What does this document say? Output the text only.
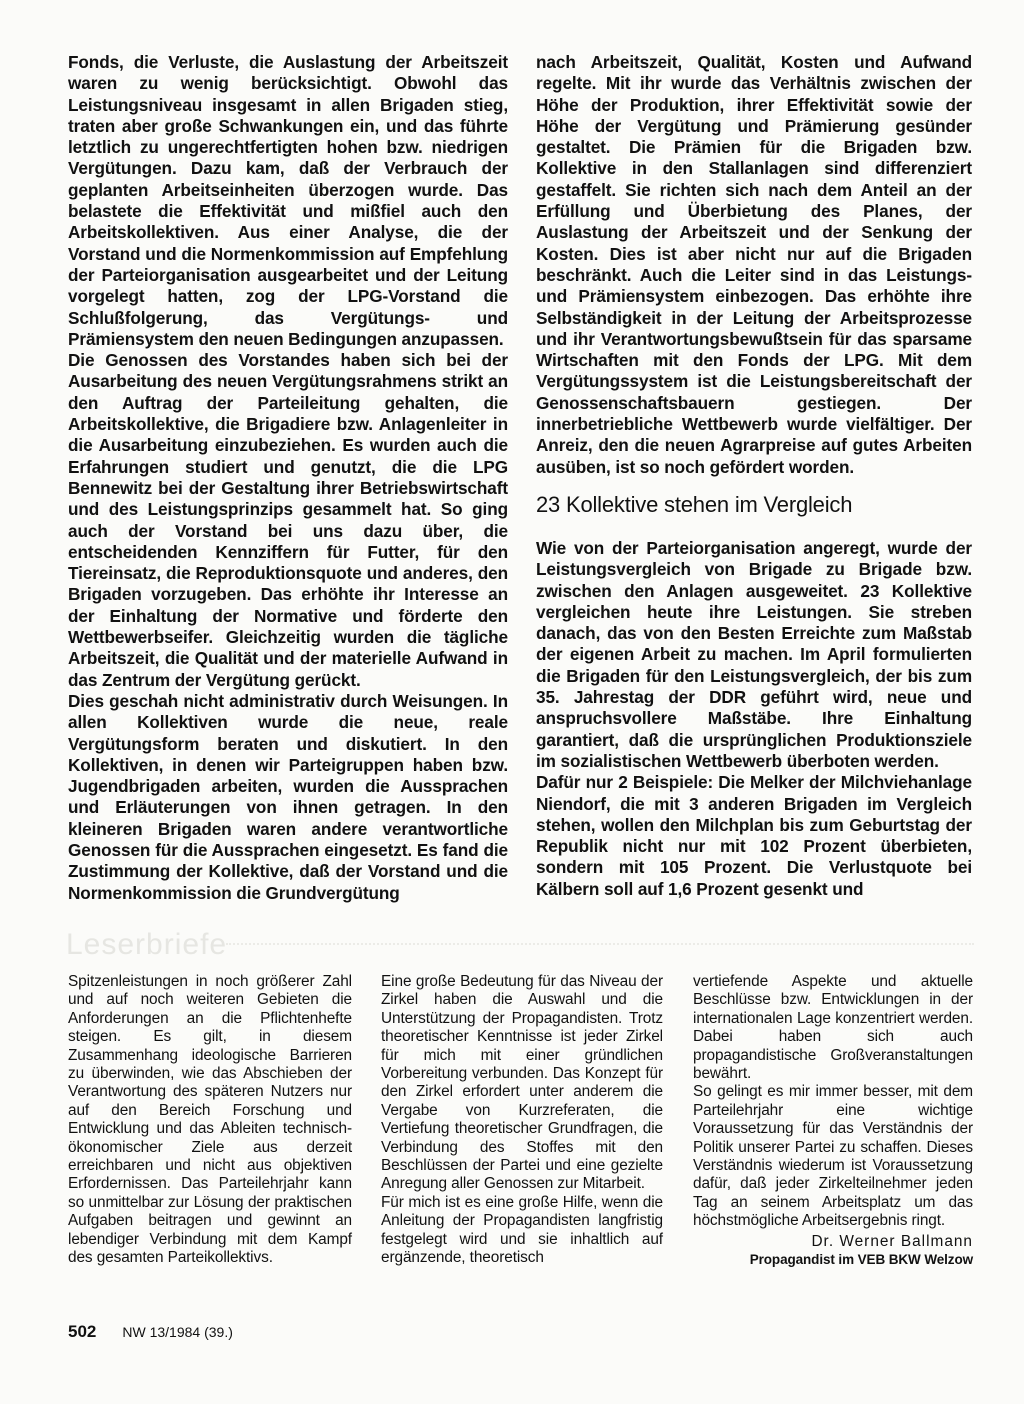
Fonds, die Verluste, die Auslastung der Arbeitszeit waren zu wenig berücksichtigt. Obwohl das Leistungsniveau insgesamt in allen Brigaden stieg, traten aber große Schwankungen ein, und das führte letztlich zu ungerechtfertigten hohen bzw. niedrigen Vergütungen. Dazu kam, daß der Verbrauch der geplanten Arbeitseinheiten überzogen wurde. Das belastete die Effektivität und mißfiel auch den Arbeitskollektiven. Aus einer Analyse, die der Vorstand und die Normenkommission auf Empfehlung der Parteiorganisation ausgearbeitet und der Leitung vorgelegt hatten, zog der LPG-Vorstand die Schlußfolgerung, das Vergütungs- und Prämiensystem den neuen Bedingungen anzupassen.

Die Genossen des Vorstandes haben sich bei der Ausarbeitung des neuen Vergütungsrahmens strikt an den Auftrag der Parteileitung gehalten, die Arbeitskollektive, die Brigadiere bzw. Anlagenleiter in die Ausarbeitung einzubeziehen. Es wurden auch die Erfahrungen studiert und genutzt, die die LPG Bennewitz bei der Gestaltung ihrer Betriebswirtschaft und des Leistungsprinzips gesammelt hat. So ging auch der Vorstand bei uns dazu über, die entscheidenden Kennziffern für Futter, für den Tiereinsatz, die Reproduktionsquote und anderes, den Brigaden vorzugeben. Das erhöhte ihr Interesse an der Einhaltung der Normative und förderte den Wettbewerbseifer. Gleichzeitig wurden die tägliche Arbeitszeit, die Qualität und der materielle Aufwand in das Zentrum der Vergütung gerückt.

Dies geschah nicht administrativ durch Weisungen. In allen Kollektiven wurde die neue, reale Vergütungsform beraten und diskutiert. In den Kollektiven, in denen wir Parteigruppen haben bzw. Jugendbrigaden arbeiten, wurden die Aussprachen und Erläuterungen von ihnen getragen. In den kleineren Brigaden waren andere verantwortliche Genossen für die Aussprachen eingesetzt. Es fand die Zustimmung der Kollektive, daß der Vorstand und die Normenkommission die Grundvergütung

nach Arbeitszeit, Qualität, Kosten und Aufwand regelte. Mit ihr wurde das Verhältnis zwischen der Höhe der Produktion, ihrer Effektivität sowie der Höhe der Vergütung und Prämierung gesünder gestaltet. Die Prämien für die Brigaden bzw. Kollektive in den Stallanlagen sind differenziert gestaffelt. Sie richten sich nach dem Anteil an der Erfüllung und Überbietung des Planes, der Auslastung der Arbeitszeit und der Senkung der Kosten. Dies ist aber nicht nur auf die Brigaden beschränkt. Auch die Leiter sind in das Leistungs- und Prämiensystem einbezogen. Das erhöhte ihre Selbständigkeit in der Leitung der Arbeitsprozesse und ihr Verantwortungsbewußtsein für das sparsame Wirtschaften mit den Fonds der LPG. Mit dem Vergütungssystem ist die Leistungsbereitschaft der Genossenschaftsbauern gestiegen. Der innerbetriebliche Wettbewerb wurde vielfältiger. Der Anreiz, den die neuen Agrarpreise auf gutes Arbeiten ausüben, ist so noch gefördert worden.

23 Kollektive stehen im Vergleich

Wie von der Parteiorganisation angeregt, wurde der Leistungsvergleich von Brigade zu Brigade bzw. zwischen den Anlagen ausgeweitet. 23 Kollektive vergleichen heute ihre Leistungen. Sie streben danach, das von den Besten Erreichte zum Maßstab der eigenen Arbeit zu machen. Im April formulierten die Brigaden für den Leistungsvergleich, der bis zum 35. Jahrestag der DDR geführt wird, neue und anspruchsvollere Maßstäbe. Ihre Einhaltung garantiert, daß die ursprünglichen Produktionsziele im sozialistischen Wettbewerb überboten werden.

Dafür nur 2 Beispiele: Die Melker der Milchviehanlage Niendorf, die mit 3 anderen Brigaden im Vergleich stehen, wollen den Milchplan bis zum Geburtstag der Republik nicht nur mit 102 Prozent überbieten, sondern mit 105 Prozent. Die Verlustquote bei Kälbern soll auf 1,6 Prozent gesenkt und

Leserbriefe

Spitzenleistungen in noch größerer Zahl und auf noch weiteren Gebieten die Anforderungen an die Pflichtenhefte steigen. Es gilt, in diesem Zusammenhang ideologische Barrieren zu überwinden, wie das Abschieben der Verantwortung des späteren Nutzers nur auf den Bereich Forschung und Entwicklung und das Ableiten technisch-ökonomischer Ziele aus derzeit erreichbaren und nicht aus objektiven Erfordernissen. Das Parteilehrjahr kann so unmittelbar zur Lösung der praktischen Aufgaben beitragen und gewinnt an lebendiger Verbindung mit dem Kampf des gesamten Parteikollektivs.

Eine große Bedeutung für das Niveau der Zirkel haben die Auswahl und die Unterstützung der Propagandisten. Trotz theoretischer Kenntnisse ist jeder Zirkel für mich mit einer gründlichen Vorbereitung verbunden. Das Konzept für den Zirkel erfordert unter anderem die Vergabe von Kurzreferaten, die Vertiefung theoretischer Grundfragen, die Verbindung des Stoffes mit den Beschlüssen der Partei und eine gezielte Anregung aller Genossen zur Mitarbeit.

Für mich ist es eine große Hilfe, wenn die Anleitung der Propagandisten langfristig festgelegt wird und sie inhaltlich auf ergänzende, theoretisch

vertiefende Aspekte und aktuelle Beschlüsse bzw. Entwicklungen in der internationalen Lage konzentriert werden. Dabei haben sich auch propagandistische Großveranstaltungen bewährt.

So gelingt es mir immer besser, mit dem Parteilehrjahr eine wichtige Voraussetzung für das Verständnis der Politik unserer Partei zu schaffen. Dieses Verständnis wiederum ist Voraussetzung dafür, daß jeder Zirkelteilnehmer jeden Tag an seinem Arbeitsplatz um das höchstmögliche Arbeitsergebnis ringt.

Dr. Werner Ballmann

Propagandist im VEB BKW Welzow

502 NW 13/1984 (39.)
